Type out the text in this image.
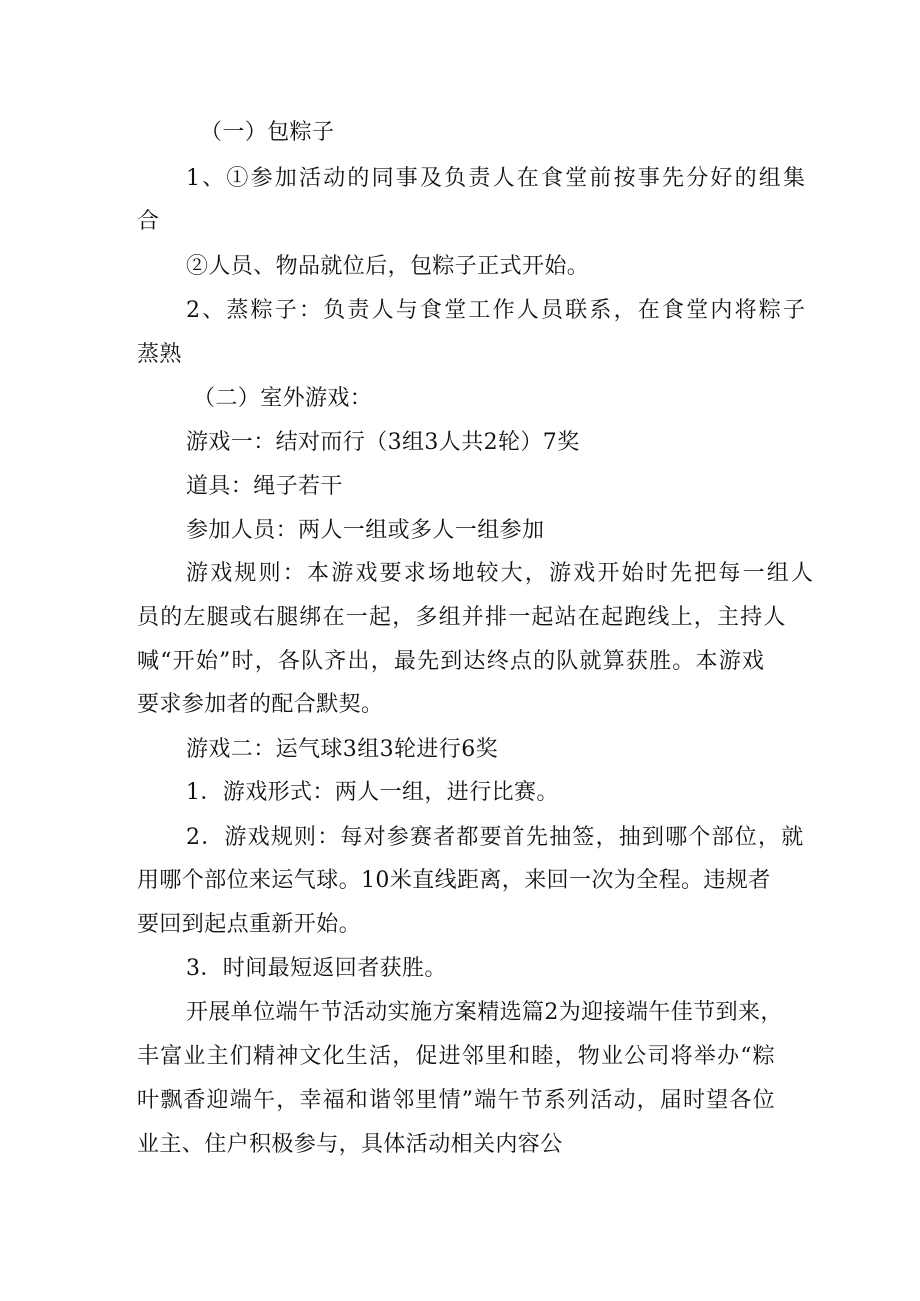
（一）包粽子

1、①参加活动的同事及负责人在食堂前按事先分好的组集

合

②人员、物品就位后，包粽子正式开始。

2、蒸粽子：负责人与食堂工作人员联系，在食堂内将粽子

蒸熟

（二）室外游戏：

游戏一：结对而行（3组3人共2轮）7奖

道具：绳子若干

参加人员：两人一组或多人一组参加

游戏规则：本游戏要求场地较大，游戏开始时先把每一组人

员的左腿或右腿绑在一起，多组并排一起站在起跑线上，主持人

喊“开始”时，各队齐出，最先到达终点的队就算获胜。本游戏

要求参加者的配合默契。

游戏二：运气球3组3轮进行6奖

1．游戏形式：两人一组，进行比赛。

2．游戏规则：每对参赛者都要首先抽签，抽到哪个部位，就

用哪个部位来运气球。10米直线距离，来回一次为全程。违规者

要回到起点重新开始。

3．时间最短返回者获胜。

开展单位端午节活动实施方案精选篇2为迎接端午佳节到来，

丰富业主们精神文化生活，促进邻里和睦，物业公司将举办“粽

叶飘香迎端午，幸福和谐邻里情”端午节系列活动，届时望各位

业主、住户积极参与，具体活动相关内容公
